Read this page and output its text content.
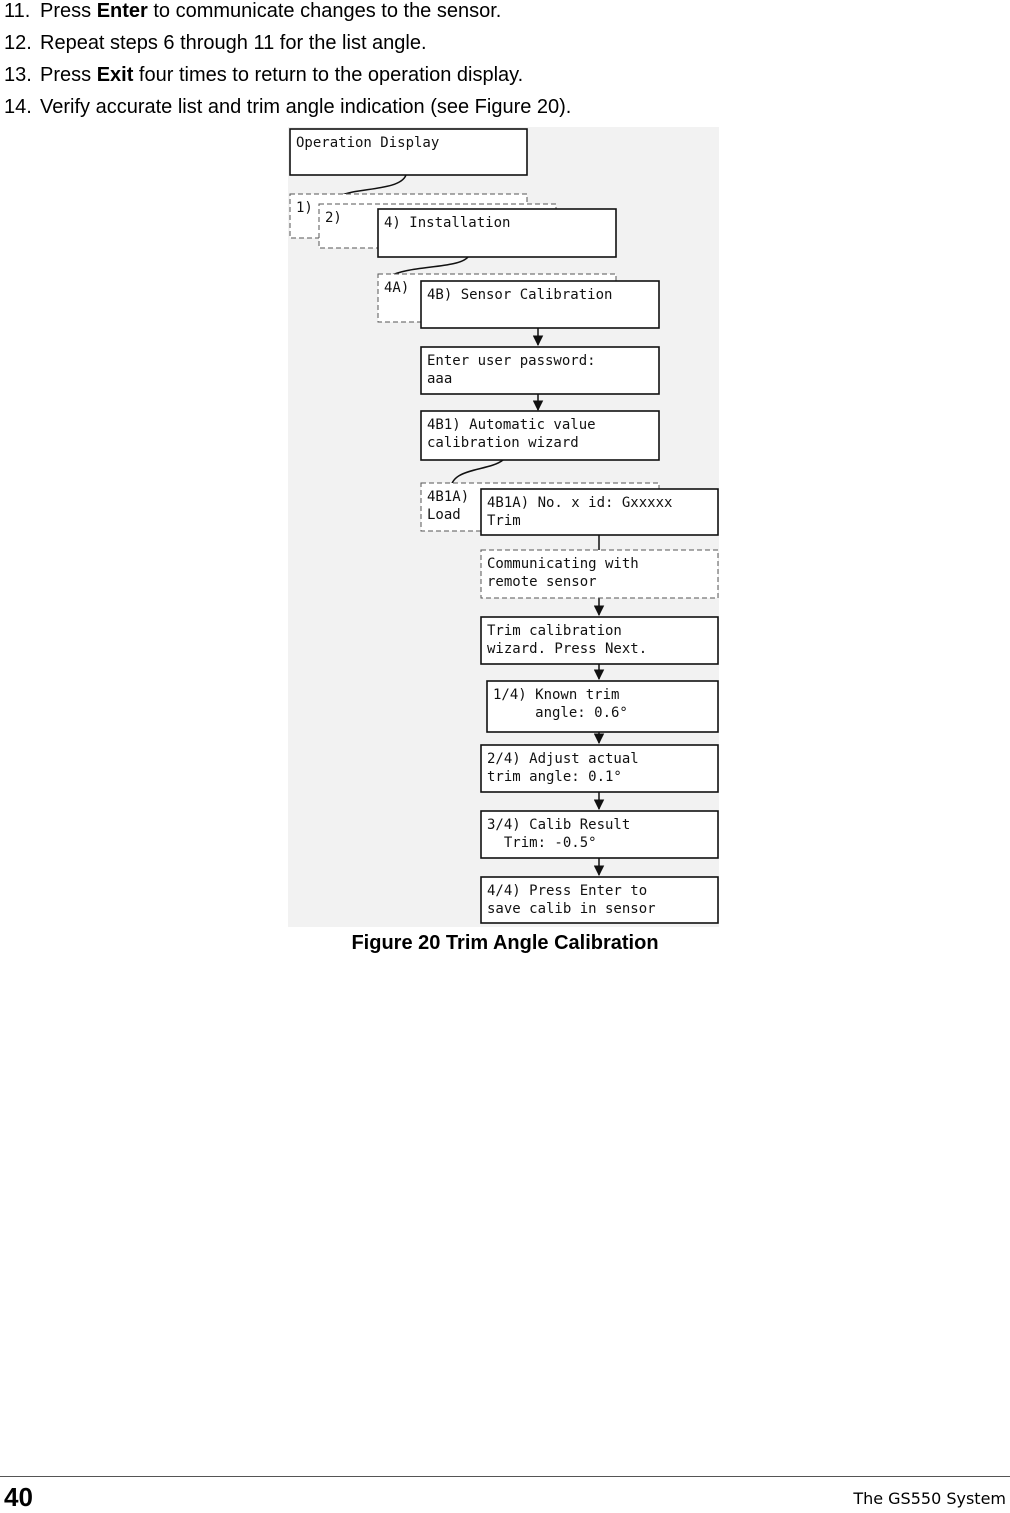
11. Press Enter to communicate changes to the sensor.
12. Repeat steps 6 through 11 for the list angle.
13. Press Exit four times to return to the operation display.
14. Verify accurate list and trim angle indication (see Figure 20).
Operation Display
1)
2)	4) Installation
4A) 4B) Sensor Calibration
Enter user password:
aaa
4B1) Automatic value
calibration wizard
4B1A)
Load
4B1A) No. x id: Gxxxxx
Trim
Communicating with
remote sensor
Trim calibration
wizard. Press Next.
1/4) Known trim
angle: 0.6°
2/4) Adjust actual
trim angle: 0.1°
3/4) Calib Result
Trim: -0.5°
4/4) Press Enter to
save calib in sensor
Figure 20 Trim Angle Calibration
40	The GS550 System
